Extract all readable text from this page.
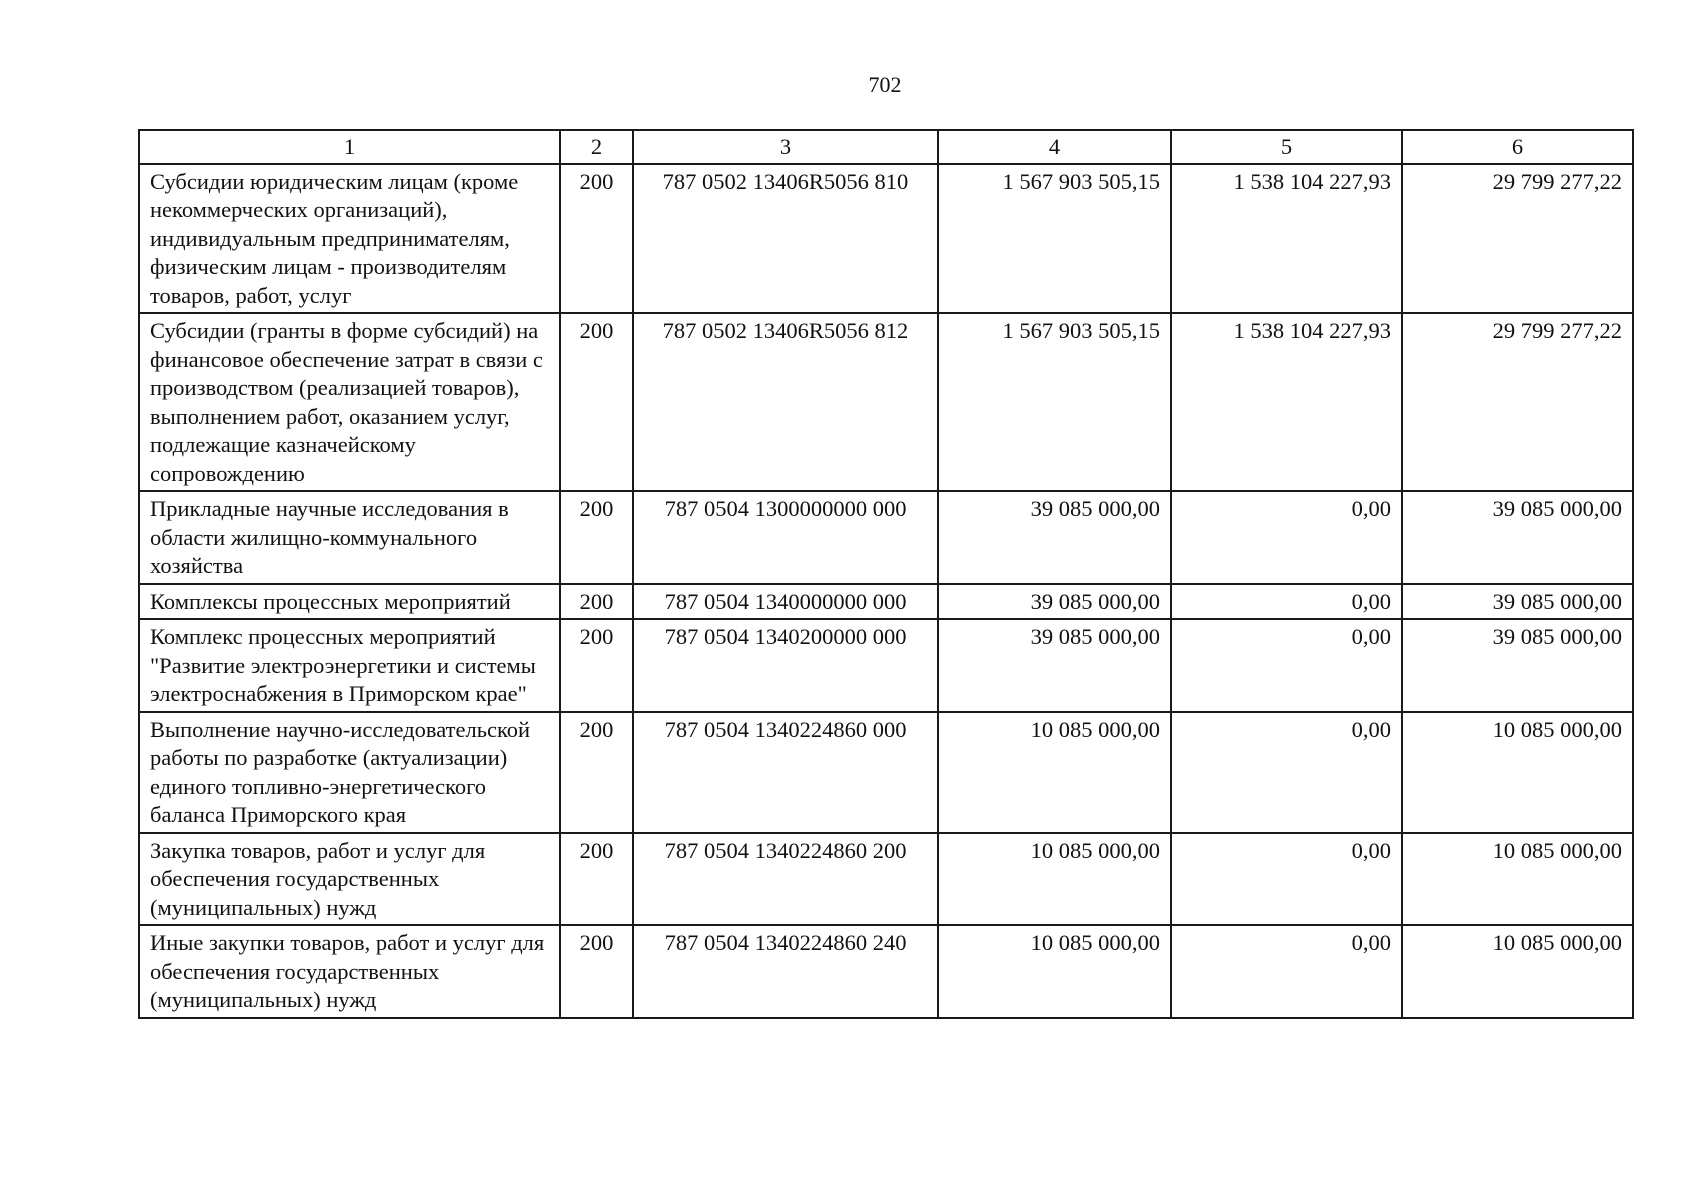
702
1	2	3	4	5	6
Субсидии юридическим лицам (кроме некоммерческих организаций), индивидуальным предпринимателям, физическим лицам - производителям товаров, работ, услуг	200	787 0502 13406R5056 810	1 567 903 505,15	1 538 104 227,93	29 799 277,22
Субсидии (гранты в форме субсидий) на финансовое обеспечение затрат в связи с производством (реализацией товаров), выполнением работ, оказанием услуг, подлежащие казначейскому сопровождению	200	787 0502 13406R5056 812	1 567 903 505,15	1 538 104 227,93	29 799 277,22
Прикладные научные исследования в области жилищно-коммунального хозяйства	200	787 0504 1300000000 000	39 085 000,00	0,00	39 085 000,00
Комплексы процессных мероприятий	200	787 0504 1340000000 000	39 085 000,00	0,00	39 085 000,00
Комплекс процессных мероприятий "Развитие электроэнергетики и системы электроснабжения в Приморском крае"	200	787 0504 1340200000 000	39 085 000,00	0,00	39 085 000,00
Выполнение научно-исследовательской работы по разработке (актуализации) единого топливно-энергетического баланса Приморского края	200	787 0504 1340224860 000	10 085 000,00	0,00	10 085 000,00
Закупка товаров, работ и услуг для обеспечения государственных (муниципальных) нужд	200	787 0504 1340224860 200	10 085 000,00	0,00	10 085 000,00
Иные закупки товаров, работ и услуг для обеспечения государственных (муниципальных) нужд	200	787 0504 1340224860 240	10 085 000,00	0,00	10 085 000,00
